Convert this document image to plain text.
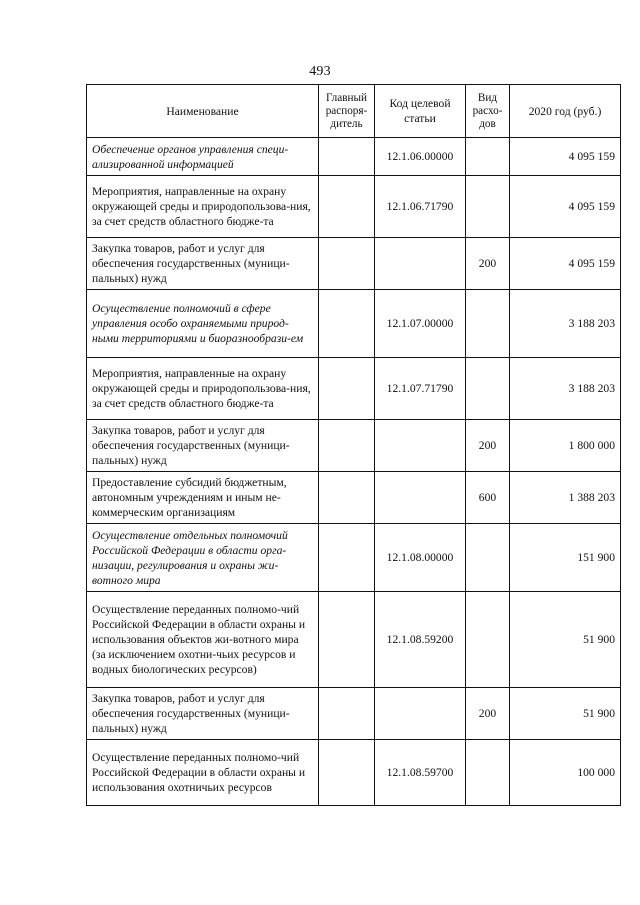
493
Наименование	Главный распоря-дитель	Код целевой статьи	Вид расхо-дов	2020 год (руб.)
Обеспечение органов управления специ-ализированной информацией		12.1.06.00000		4 095 159
Мероприятия, направленные на охрану окружающей среды и природопользова-ния, за счет средств областного бюдже-та		12.1.06.71790		4 095 159
Закупка товаров, работ и услуг для обеспечения государственных (муници-пальных) нужд			200	4 095 159
Осуществление полномочий в сфере управления особо охраняемыми природ-ными территориями и биоразнообрази-ем		12.1.07.00000		3 188 203
Мероприятия, направленные на охрану окружающей среды и природопользова-ния, за счет средств областного бюдже-та		12.1.07.71790		3 188 203
Закупка товаров, работ и услуг для обеспечения государственных (муници-пальных) нужд			200	1 800 000
Предоставление субсидий бюджетным, автономным учреждениям и иным не-коммерческим организациям			600	1 388 203
Осуществление отдельных полномочий Российской Федерации в области орга-низации, регулирования и охраны жи-вотного мира		12.1.08.00000		151 900
Осуществление переданных полномо-чий Российской Федерации в области охраны и использования объектов жи-вотного мира (за исключением охотни-чьих ресурсов и водных биологических ресурсов)		12.1.08.59200		51 900
Закупка товаров, работ и услуг для обеспечения государственных (муници-пальных) нужд			200	51 900
Осуществление переданных полномо-чий Российской Федерации в области охраны и использования охотничьих ресурсов		12.1.08.59700		100 000
